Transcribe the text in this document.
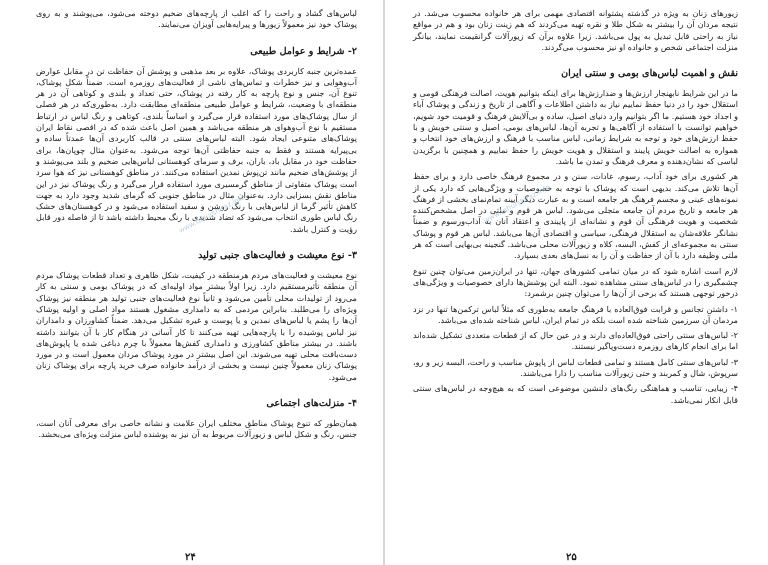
لباس‌های گشاد و راحت را که اغلب از پارچه‌های ضخیم دوخته می‌شود، می‌پوشند و به روی پوشاک خود نیز معمولاً زیورها و پیرایه‌هایی آویزان می‌نمایند.

۲- شرایط و عوامل طبیعی

عمده‌ترین جنبه کاربردی پوشاک، علاوه بر بعد مذهبی و پوشش آن حفاظت تن در مقابل عوارض آب‌وهوایی و نیز خطرات و تماس‌های ناشی از فعالیت‌های روزمره است. ضمناً شکل پوشاک، تنوع آن، جنس و نوع پارچه به کار رفته در پوشاک، حتی تعداد و بلندی و کوتاهی آن در هر منطقه‌ای با وضعیت، شرایط و عوامل طبیعی منطقه‌ای مطابقت دارد. به‌طوری‌که در هر فصلی از سال پوشاک‌های مورد استفاده قرار می‌گیرد و اساساً بلندی، کوتاهی و رنگ لباس در ارتباط مستقیم با نوع آب‌وهوای هر منطقه می‌باشد و همین اصل باعث شده که در اقصی نقاط ایران پوشاک‌های متنوعی ایجاد شود. البته لباس‌های سنتی در قالب کاربردی آن‌ها عمدتاً ساده و بی‌پیرایه هستند و فقط به جنبه حفاظتی آن‌ها توجه می‌شود. به‌عنوان مثال چوپان‌ها، برای حفاظت خود در مقابل باد، باران، برف و سرمای کوهستانی لباس‌هایی ضخیم و بلند می‌پوشند و از پوشش‌های ضخیم مانند تن‌پوش نمدین استفاده می‌کنند. در مناطق کوهستانی نیز که هوا سرد است پوشاک متفاوتی از مناطق گرمسیری مورد استفاده قرار می‌گیرد و رنگ پوشاک نیز در این مناطق نقش بسزایی دارد. به‌عنوان مثال در مناطق جنوبی که گرمای شدید وجود دارد به جهت کاهش تأثیر گرما از لباس‌هایی با رنگ روشن و سفید استفاده می‌شود و در کوهستان‌های خشک رنگ لباس طوری انتخاب می‌شود که تضاد شدیدی با رنگ محیط داشته باشد تا از فاصله دور قابل رؤیت و کنترل باشد.

۳- نوع معیشت و فعالیت‌های جنبی تولید

نوع معیشت و فعالیت‌های مردم هرمنطقه در کیفیت، شکل ظاهری و تعداد قطعات پوشاک مردم آن منطقه تأثیرمستقیم دارد. زیرا اولاً بیشتر مواد اولیه‌ای که در پوشاک بومی و سنتی به کار می‌رود از تولیدات محلی تأمین می‌شود و ثانیاً نوع فعالیت‌های جنبی تولید هر منطقه نیز پوشاک ویژه‌ای را می‌طلبد. بنابراین مردمی که به دامداری مشغول هستند مواد اصلی و اولیه پوشاک آن‌ها را پشم یا لباس‌های نمدین و یا پوست و غیره تشکیل می‌دهد. ضمناً کشاورزان و دامداران نیز لباس پوشیده را با پارچه‌هایی تهیه می‌کنند تا کار آسانی در هنگام کار با آن بتوانند داشته باشند. در بیشتر مناطق کشاورزی و دامداری کفش‌ها معمولاً با چرم دباغی شده یا پاپوش‌های دست‌بافت محلی تهیه می‌شوند. این اصل بیشتر در مورد پوشاک مردان معمول است و در مورد پوشاک زنان معمولاً چنین نیست و بخشی از درآمد خانواده صرف خرید پارچه برای پوشاک زنان می‌شود.

۴- منزلت‌های اجتماعی

همان‌طور که تنوع پوشاک مناطق مختلف ایران علامت و نشانه خاصی برای معرفی آنان است، جنس، رنگ و شکل لباس و زیورآلات مربوط به آن نیز به پوشنده لباس منزلت ویژه‌ای می‌بخشد.

www.tahurshiraz.info
۲۴

زیورهای زنان به ویژه در گذشته پشتوانه اقتصادی مهمی برای هر خانواده محسوب می‌شد. در نتیجه مردان آن را بیشتر به شکل طلا و نقره تهیه می‌کردند که هم زینت زنان بود و هم در مواقع نیاز به راحتی قابل تبدیل به پول می‌باشد. زیرا علاوه برآن که زیورآلات گرانقیمت نمایند، بیانگر منزلت اجتماعی شخص و خانواده او نیز محسوب می‌گردند.

نقش و اهمیت لباس‌های بومی و سنتی ایران

ما در این شرایط نابهنجار ارزش‌ها و ضدارزش‌ها برای اینکه بتوانیم هویت، اصالت فرهنگی قومی و استقلال خود را در دنیا حفظ نماییم نیاز به داشتن اطلاعات و آگاهی از تاریخ و زندگی و پوشاک آباء و اجداد خود هستیم. ما اگر بتوانیم وارد دنیای اصیل، ساده و بی‌آلایش فرهنگ و قومیت خود شویم، خواهیم توانست با استفاده از آگاهی‌ها و تجربه آن‌ها، لباس‌های بومی، اصیل و سنتی خویش و با حفظ ارزش‌های خود و توجه به شرایط زمانی، لباس مناسب با فرهنگ و ارزش‌های خود انتخاب و همواره به اصالت خویش پایبند و استقلال و هویت خویش را حفظ نماییم و همچنین با برگزیدن لباسی که نشان‌دهنده و معرف فرهنگ و تمدن ما باشد.

هر کشوری برای خود آداب، رسوم، عادات، سنن و در مجموع فرهنگ خاصی دارد و برای حفظ آن‌ها تلاش می‌کند. بدیهی است که پوشاک با توجه به خصوصیات و ویژگی‌هایی که دارد یکی از نمونه‌های عینی و مجسم فرهنگ هر جامعه است و به عبارت دیگر آیینه تمام‌نمای بخشی از فرهنگ هر جامعه و تاریخ مردم آن جامعه متجلی می‌شود. لباس هر قوم و ملتی در اصل مشخص‌کننده شخصیت و هویت فرهنگی آن قوم و نشانه‌ای از پایبندی و اعتقاد آنان به آداب‌ورسوم و ضمناً نشانگر علاقه‌شان به استقلال فرهنگی، سیاسی و اقتصادی آن‌ها می‌باشد. لباس هر قوم و پوشاک سنتی به مجموعه‌ای از کفش، البسه، کلاه و زیورآلات محلی می‌باشد. گنجینه بی‌بهایی است که هر ملتی وظیفه دارد با آن از حفاظت و آن را به نسل‌های بعدی بسپارد.

لازم است اشاره شود که در میان تمامی کشورهای جهان، تنها در ایران‌زمین می‌توان چنین تنوع چشمگیری را در لباس‌های سنتی مشاهده نمود. البته این پوشش‌ها دارای خصوصیات و ویژگی‌های درخور توجهی هستند که برخی از آن‌ها را می‌توان چنین برشمرد:

۱- داشتن تجانس و قرابت فوق‌العاده با فرهنگ جامعه به‌طوری که مثلاً لباس ترکمن‌ها تنها در نزد مردمان آن سرزمین شناخته شده است بلکه در تمام ایران، لباس شناخته شده‌ای می‌باشد.

۲- لباس‌های سنتی راحتی فوق‌العاده‌ای دارند و در عین حال که از قطعات متعددی تشکیل شده‌اند اما برای انجام کارهای روزمره دست‌وپاگیر نیستند.

۳- لباس‌های سنتی کامل هستند و تمامی قطعات لباس از پاپوش مناسب و راحت، البسه زیر و رو، سرپوش، شال و کمربند و حتی زیورآلات مناسب را دارا می‌باشند.

۴- زیبایی، تناسب و هماهنگی رنگ‌های دلنشین موضوعی است که به هیچ‌وجه در لباس‌های سنتی قابل انکار نمی‌باشد.

www.tahurshiraz.info
۲۵
